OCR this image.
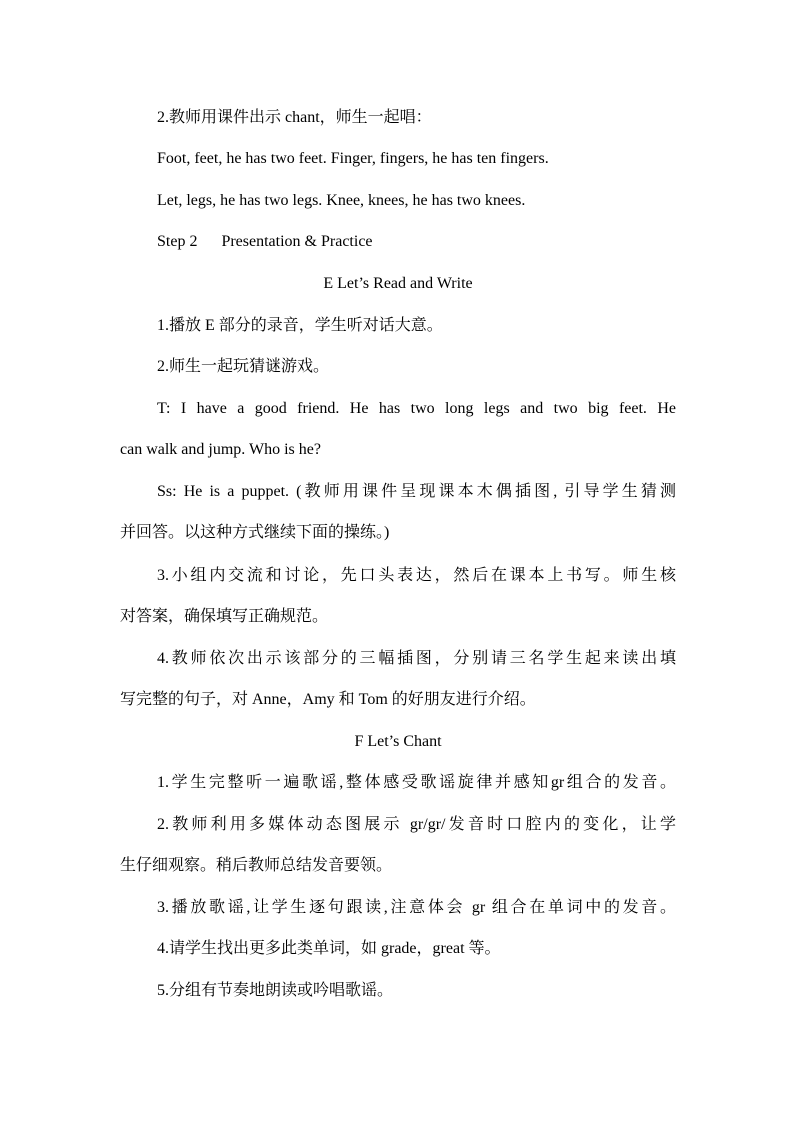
2.教师用课件出示 chant，师生一起唱：
Foot, feet, he has two feet. Finger, fingers, he has ten fingers.
Let, legs, he has two legs. Knee, knees, he has two knees.
Step 2 Presentation & Practice
E Let’s Read and Write
1.播放 E 部分的录音，学生听对话大意。
2.师生一起玩猜谜游戏。
T: I have a good friend. He has two long legs and two big feet. He
can walk and jump. Who is he?
Ss: He is a puppet. (教师用课件呈现课本木偶插图, 引导学生猜测
并回答。以这种方式继续下面的操练。)
3.小组内交流和讨论，先口头表达，然后在课本上书写。师生核
对答案，确保填写正确规范。
4.教师依次出示该部分的三幅插图，分别请三名学生起来读出填
写完整的句子，对 Anne，Amy 和 Tom 的好朋友进行介绍。
F Let’s Chant
1.学生完整听一遍歌谣,整体感受歌谣旋律并感知gr组合的发音。
2.教师利用多媒体动态图展示 gr/gr/发音时口腔内的变化，让学
生仔细观察。稍后教师总结发音要领。
3.播放歌谣,让学生逐句跟读,注意体会 gr 组合在单词中的发音。
4.请学生找出更多此类单词，如 grade，great 等。
5.分组有节奏地朗读或吟唱歌谣。
